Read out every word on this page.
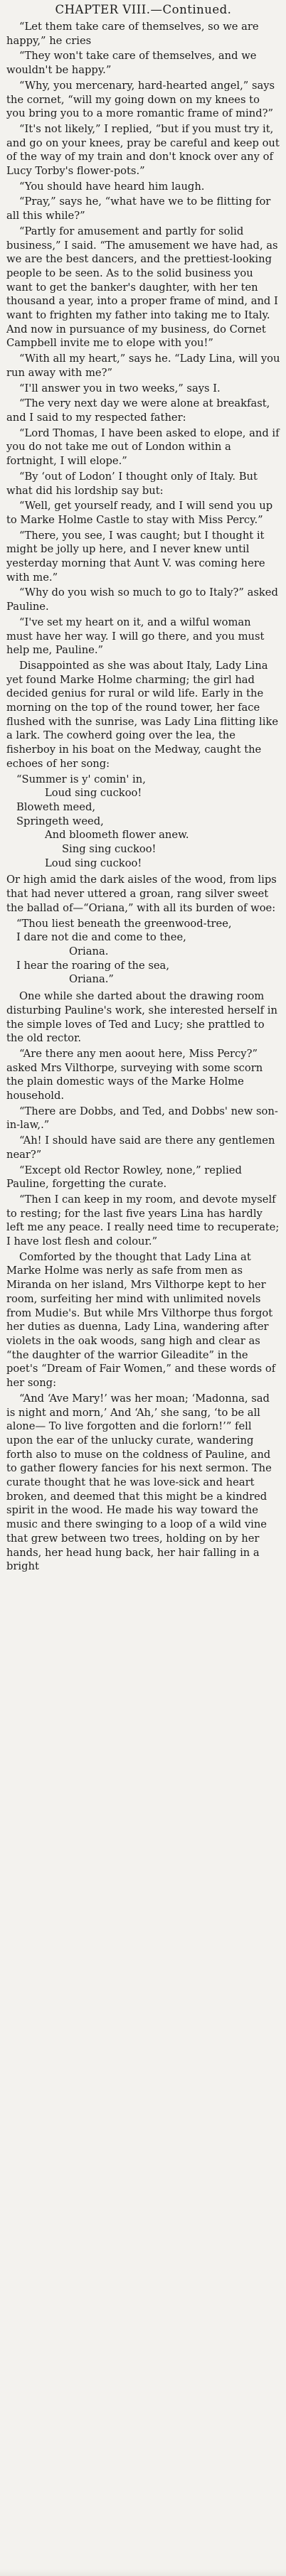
CHAPTER VIII.—Continued.

“Let them take care of themselves, so we are happy,” he cries

“They won't take care of themselves, and we wouldn't be happy.”

“Why, you mercenary, hard-hearted angel,” says the cornet, “will my going down on my knees to you bring you to a more romantic frame of mind?”

“It's not likely,” I replied, “but if you must try it, and go on your knees, pray be careful and keep out of the way of my train and don't knock over any of Lucy Torby's flower-pots.”

“You should have heard him laugh.

“Pray,” says he, “what have we to be flitting for all this while?”

“Partly for amusement and partly for solid business,” I said. “The amusement we have had, as we are the best dancers, and the prettiest-looking people to be seen. As to the solid business you want to get the banker's daughter, with her ten thousand a year, into a proper frame of mind, and I want to frighten my father into taking me to Italy. And now in pursuance of my business, do Cornet Campbell invite me to elope with you!”

“With all my heart,” says he. “Lady Lina, will you run away with me?”

“I'll answer you in two weeks,” says I.

“The very next day we were alone at breakfast, and I said to my respected father:

“Lord Thomas, I have been asked to elope, and if you do not take me out of London within a fortnight, I will elope.”

“By ‘out of Lodon’ I thought only of Italy. But what did his lordship say but:

“Well, get yourself ready, and I will send you up to Marke Holme Castle to stay with Miss Percy.”

“There, you see, I was caught; but I thought it might be jolly up here, and I never knew until yesterday morning that Aunt V. was coming here with me.”

“Why do you wish so much to go to Italy?” asked Pauline.

“I've set my heart on it, and a wilful woman must have her way. I will go there, and you must help me, Pauline.”

Disappointed as she was about Italy, Lady Lina yet found Marke Holme charming; the girl had decided genius for rural or wild life. Early in the morning on the top of the round tower, her face flushed with the sunrise, was Lady Lina flitting like a lark. The cowherd going over the lea, the fisherboy in his boat on the Medway, caught the echoes of her song:

“Summer is y' comin' in,
Loud sing cuckoo!
Bloweth meed,
Springeth weed,
And bloometh flower anew.
Sing sing cuckoo!
Loud sing cuckoo!

Or high amid the dark aisles of the wood, from lips that had never uttered a groan, rang silver sweet the ballad of—“Oriana,” with all its burden of woe:

“Thou liest beneath the greenwood-tree,
I dare not die and come to thee,
Oriana.
I hear the roaring of the sea,
Oriana.”

One while she darted about the drawing room disturbing Pauline's work, she interested herself in the simple loves of Ted and Lucy; she prattled to the old rector.

“Are there any men aoout here, Miss Percy?” asked Mrs Vilthorpe, surveying with some scorn the plain domestic ways of the Marke Holme household.

“There are Dobbs, and Ted, and Dobbs' new son-in-law,.”

“Ah! I should have said are there any gentlemen near?”

“Except old Rector Rowley, none,” replied Pauline, forgetting the curate.

“Then I can keep in my room, and devote myself to resting; for the last five years Lina has hardly left me any peace. I really need time to recuperate; I have lost flesh and colour.”

Comforted by the thought that Lady Lina at Marke Holme was nerly as safe from men as Miranda on her island, Mrs Vilthorpe kept to her room, surfeiting her mind with unlimited novels from Mudie's. But while Mrs Vilthorpe thus forgot her duties as duenna, Lady Lina, wandering after violets in the oak woods, sang high and clear as “the daughter of the warrior Gileadite” in the poet's “Dream of Fair Women,” and these words of her song:

“And ‘Ave Mary!’ was her moan; ‘Madonna, sad is night and morn,’ And ‘Ah,’ she sang, ‘to be all alone— To live forgotten and die forlorn!’” fell upon the ear of the unlucky curate, wandering forth also to muse on the coldness of Pauline, and to gather flowery fancies for his next sermon. The curate thought that he was love-sick and heart broken, and deemed that this might be a kindred spirit in the wood. He made his way toward the music and there swinging to a loop of a wild vine that grew between two trees, holding on by her hands, her head hung back, her hair falling in a bright
